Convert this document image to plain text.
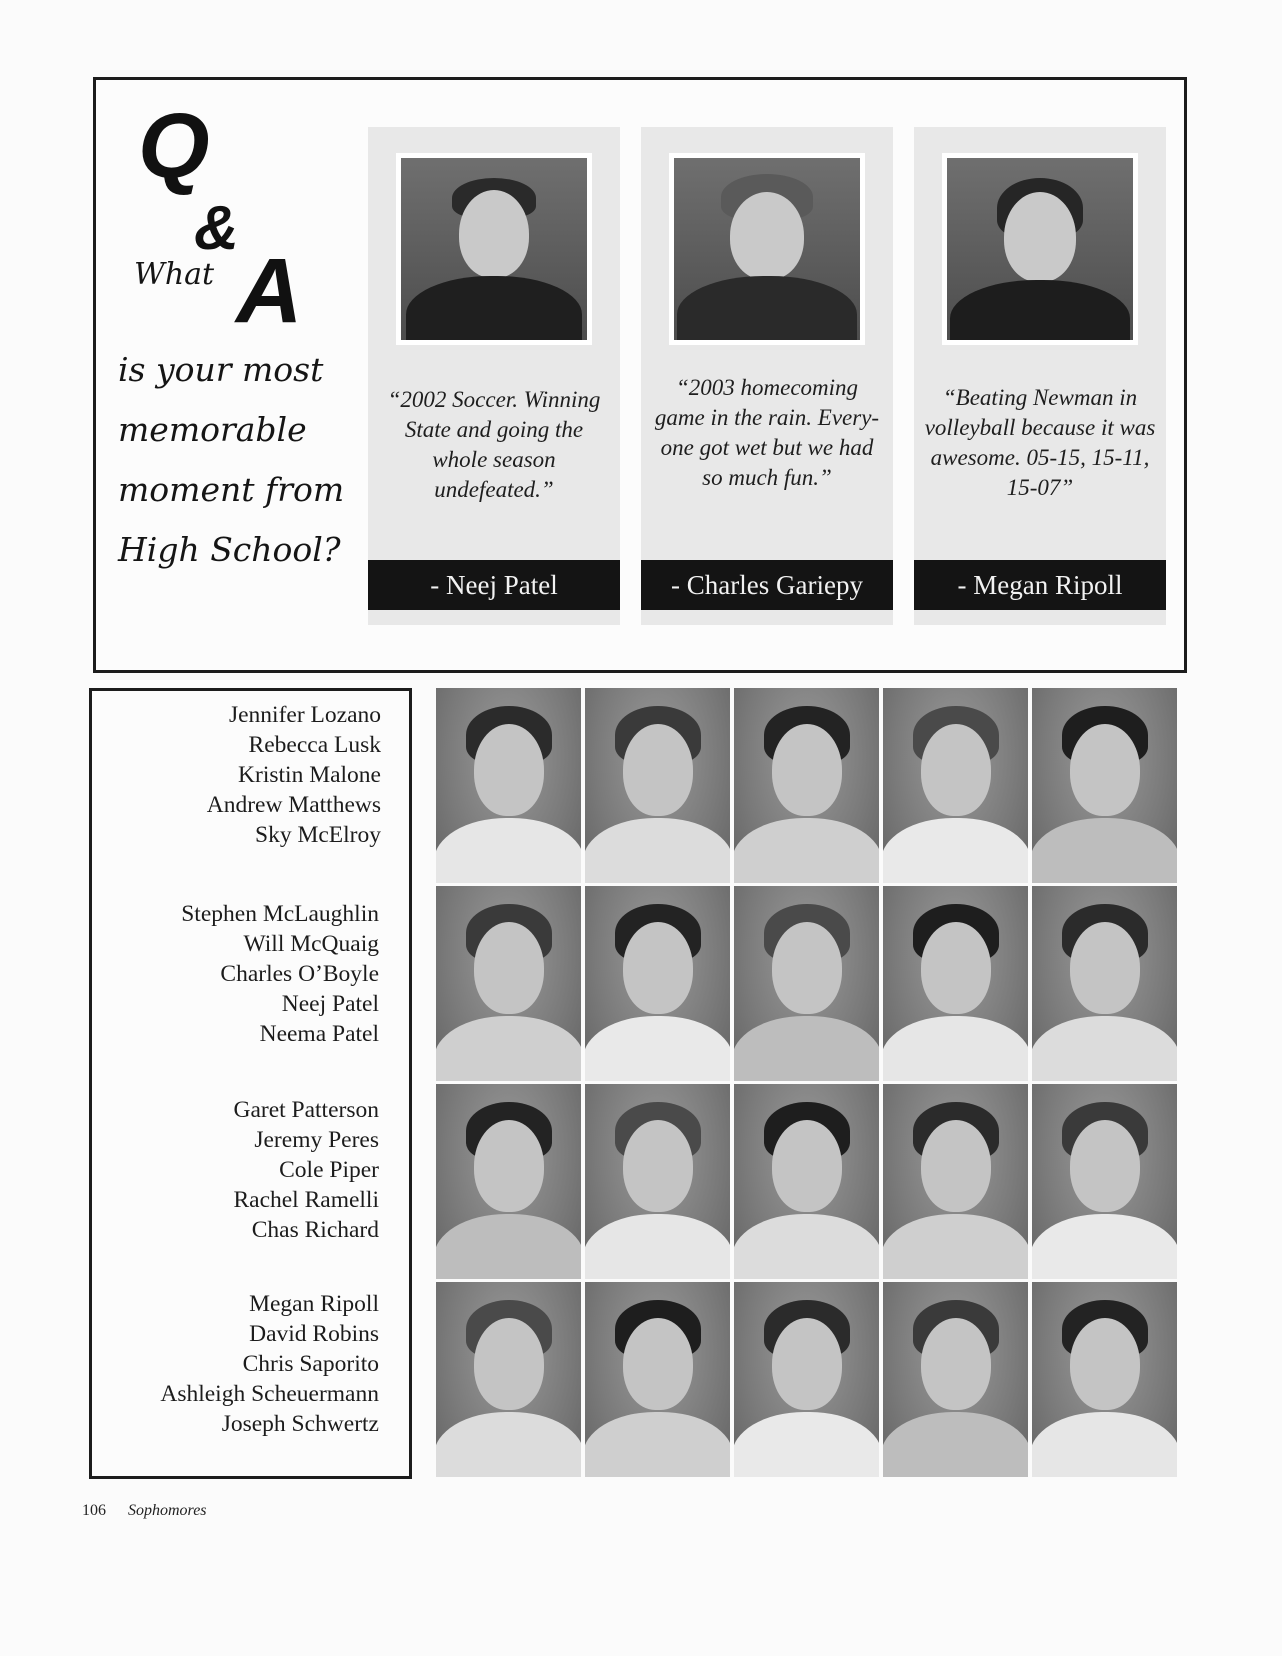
Q
&
A

What

is your most
memorable
moment from
High School?

“2002 Soccer. Winning State and going the whole season undefeated.”

- Neej Patel

“2003 homecoming game in the rain. Every-one got wet but we had so much fun.”

- Charles Gariepy

“Beating Newman in volleyball because it was awesome. 05-15, 15-11, 15-07”

- Megan Ripoll
Jennifer Lozano
Rebecca Lusk
Kristin Malone
Andrew Matthews
Sky McElroy
Stephen McLaughlin
Will McQuaig
Charles O’Boyle
Neej Patel
Neema Patel
Garet Patterson
Jeremy Peres
Cole Piper
Rachel Ramelli
Chas Richard
Megan Ripoll
David Robins
Chris Saporito
Ashleigh Scheuermann
Joseph Schwertz
106 Sophomores
